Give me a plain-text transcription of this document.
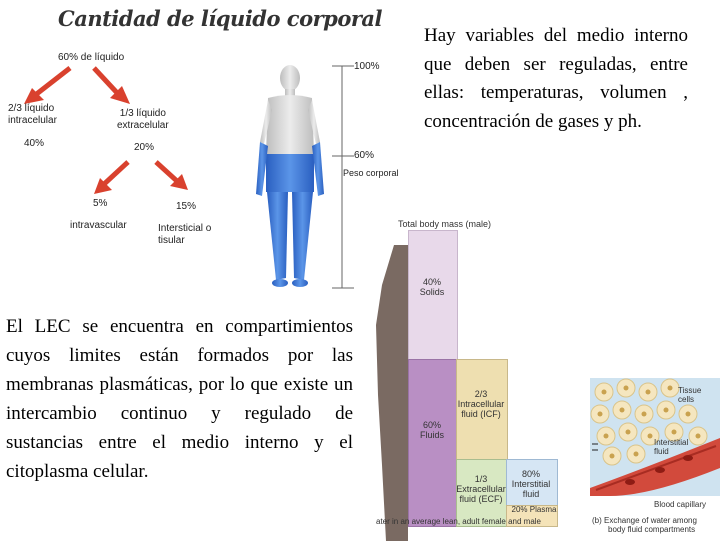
Cantidad de líquido corporal
60% de líquido
2/3 líquido
intracelular
40%
1/3 líquido
extracelular
20%
5%
intravascular
15%
Intersticial o
tisular
100%
60%
Peso corporal
Hay variables del medio interno que deben ser reguladas, entre ellas: temperaturas, volumen , concentración de gases y ph.
Total body mass (male)
40%
Solids
60%
Fluids
2/3
Intracellular
fluid (ICF)
1/3
Extracellular
fluid (ECF)
80%
Interstitial
fluid
20% Plasma
ater in an average lean, adult female and male
Tissue
cells
Interstitial
fluid
Blood capillary
(b) Exchange of water among
body fluid compartments
El LEC se encuentra en compartimientos cuyos limites están formados por las membranas plasmáticas, por lo que existe un intercambio continuo y regulado de sustancias entre el medio interno y el citoplasma celular.
